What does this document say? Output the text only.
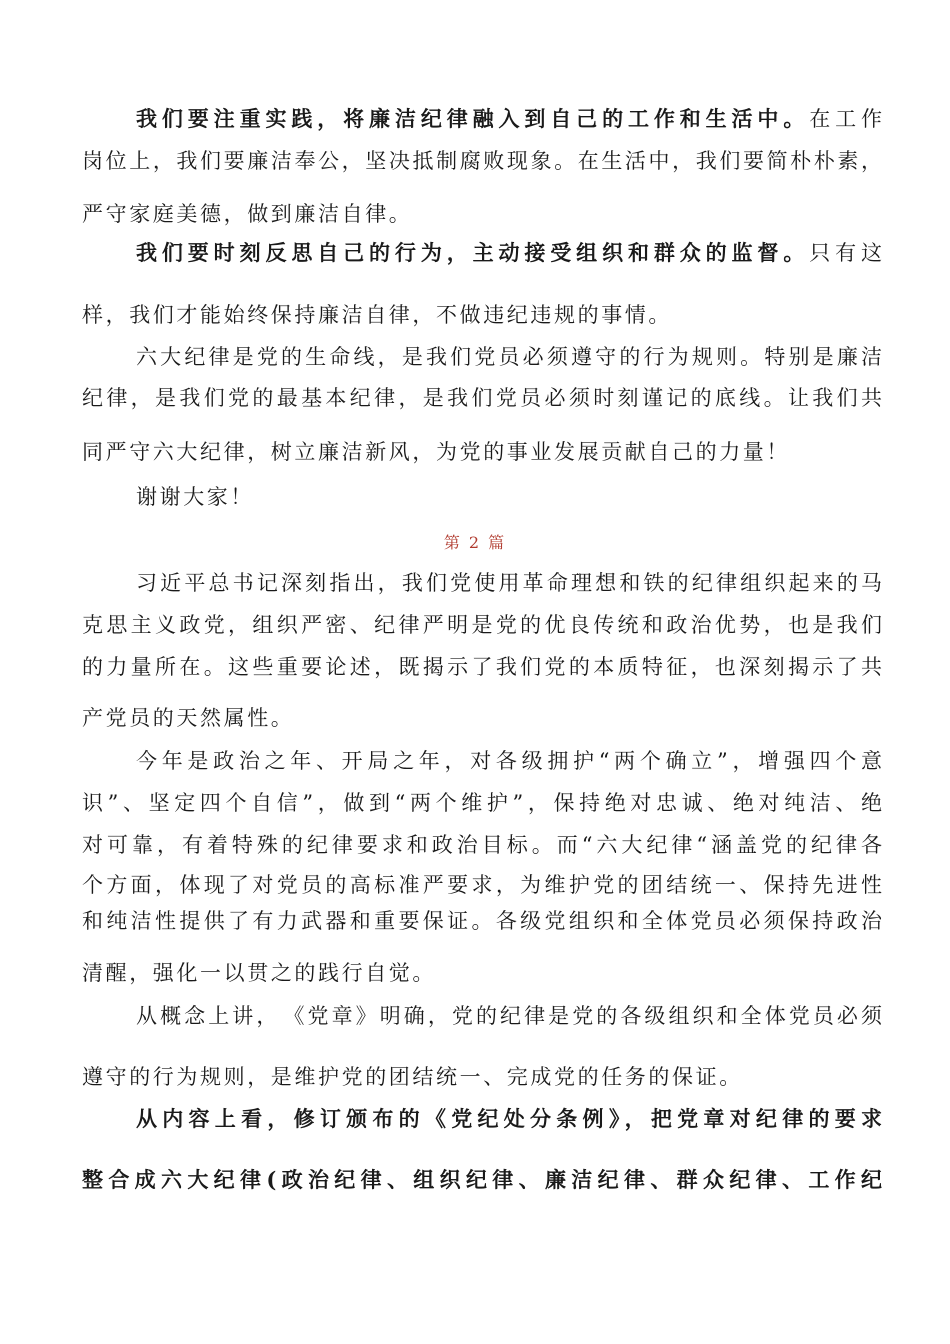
我们要注重实践，将廉洁纪律融入到自己的工作和生活中。在工作
岗位上，我们要廉洁奉公，坚决抵制腐败现象。在生活中，我们要简朴朴素，
严守家庭美德，做到廉洁自律。
我们要时刻反思自己的行为，主动接受组织和群众的监督。只有这
样，我们才能始终保持廉洁自律，不做违纪违规的事情。
六大纪律是党的生命线，是我们党员必须遵守的行为规则。特别是廉洁
纪律，是我们党的最基本纪律，是我们党员必须时刻谨记的底线。让我们共
同严守六大纪律，树立廉洁新风，为党的事业发展贡献自己的力量！
谢谢大家！
第 2 篇
习近平总书记深刻指出，我们党使用革命理想和铁的纪律组织起来的马
克思主义政党，组织严密、纪律严明是党的优良传统和政治优势，也是我们
的力量所在。这些重要论述，既揭示了我们党的本质特征，也深刻揭示了共
产党员的天然属性。
今年是政治之年、开局之年，对各级拥护“两个确立”，增强四个意
识”、坚定四个自信”，做到“两个维护”，保持绝对忠诚、绝对纯洁、绝
对可靠，有着特殊的纪律要求和政治目标。而“六大纪律“涵盖党的纪律各
个方面，体现了对党员的高标准严要求，为维护党的团结统一、保持先进性
和纯洁性提供了有力武器和重要保证。各级党组织和全体党员必须保持政治
清醒，强化一以贯之的践行自觉。
从概念上讲，　《党章》明确，党的纪律是党的各级组织和全体党员必须
遵守的行为规则，是维护党的团结统一、完成党的任务的保证。
从内容上看，修订颁布的《党纪处分条例》，把党章对纪律的要求
整合成六大纪律(政治纪律、组织纪律、廉洁纪律、群众纪律、工作纪
